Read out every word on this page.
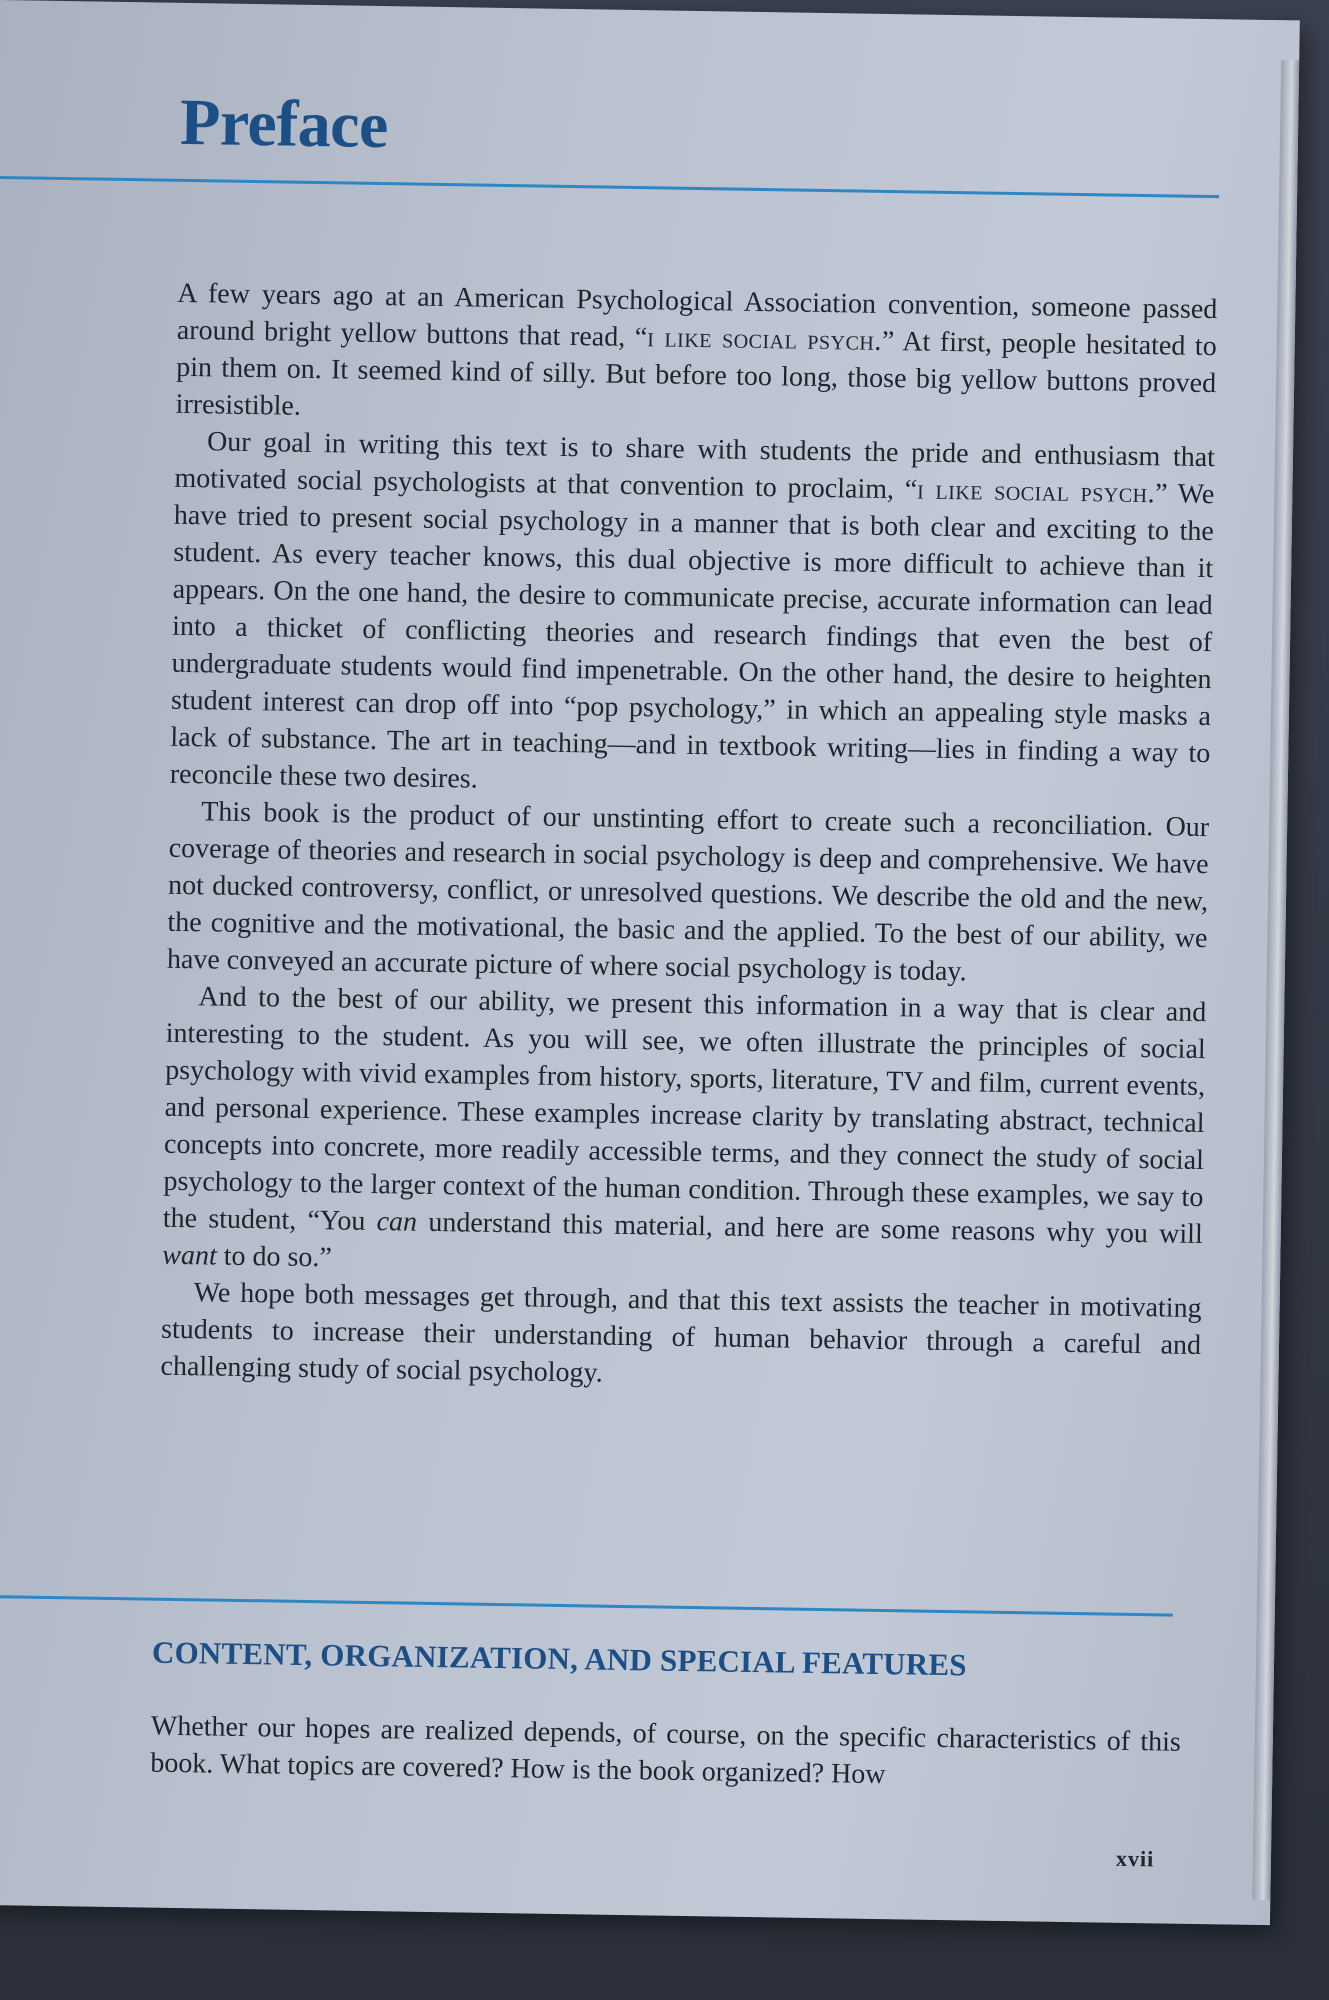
Preface

A few years ago at an American Psychological Association convention, someone passed around bright yellow buttons that read, “i like social psych.” At first, people hesitated to pin them on. It seemed kind of silly. But before too long, those big yellow buttons proved irresistible.

Our goal in writing this text is to share with students the pride and enthusiasm that motivated social psychologists at that convention to proclaim, “i like social psych.” We have tried to present social psychology in a manner that is both clear and exciting to the student. As every teacher knows, this dual objective is more difficult to achieve than it appears. On the one hand, the desire to communicate precise, accurate information can lead into a thicket of conflicting theories and research findings that even the best of undergraduate students would find impenetrable. On the other hand, the desire to heighten student interest can drop off into “pop psychology,” in which an appealing style masks a lack of substance. The art in teaching—and in textbook writing—lies in finding a way to reconcile these two desires.

This book is the product of our unstinting effort to create such a reconciliation. Our coverage of theories and research in social psychology is deep and comprehensive. We have not ducked controversy, conflict, or unresolved questions. We describe the old and the new, the cognitive and the motivational, the basic and the applied. To the best of our ability, we have conveyed an accurate picture of where social psychology is today.

And to the best of our ability, we present this information in a way that is clear and interesting to the student. As you will see, we often illustrate the principles of social psychology with vivid examples from history, sports, literature, TV and film, current events, and personal experience. These examples increase clarity by translating abstract, technical concepts into concrete, more readily accessible terms, and they connect the study of social psychology to the larger context of the human condition. Through these examples, we say to the student, “You can understand this material, and here are some reasons why you will want to do so.”

We hope both messages get through, and that this text assists the teacher in motivating students to increase their understanding of human behavior through a careful and challenging study of social psychology.

CONTENT, ORGANIZATION, AND SPECIAL FEATURES

Whether our hopes are realized depends, of course, on the specific characteristics of this book. What topics are covered? How is the book organized? How

xvii
